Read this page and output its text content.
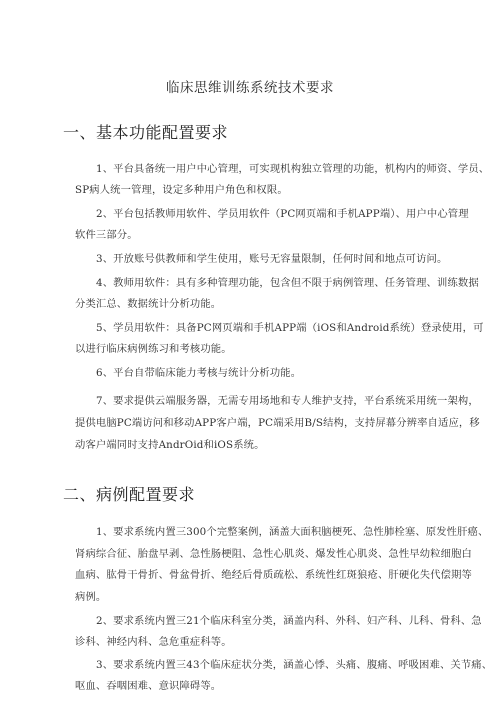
临床思维训练系统技术要求
一、基本功能配置要求
1、平台具备统一用户中心管理，可实现机构独立管理的功能，机构内的师资、学员、
SP病人统一管理，设定多种用户角色和权限。
2、平台包括教师用软件、学员用软件（PC网页端和手机APP端）、用户中心管理
软件三部分。
3、开放账号供教师和学生使用，账号无容量限制，任何时间和地点可访问。
4、教师用软件：具有多种管理功能，包含但不限于病例管理、任务管理、训练数据
分类汇总、数据统计分析功能。
5、学员用软件：具备PC网页端和手机APP端（iOS和Android系统）登录使用，可
以进行临床病例练习和考核功能。
6、平台自带临床能力考核与统计分析功能。
7、要求提供云端服务器，无需专用场地和专人维护支持，平台系统采用统一架构，
提供电脑PC端访问和移动APP客户端，PC端采用B/S结构，支持屏幕分辨率自适应，移
动客户端同时支持AndrOid和iOS系统。
二、病例配置要求
1、要求系统内置三300个完整案例，涵盖大面积脑梗死、急性肺栓塞、原发性肝癌、
肾病综合征、胎盘早剥、急性肠梗阻、急性心肌炎、爆发性心肌炎、急性早幼粒细胞白
血病、肱骨干骨折、骨盆骨折、绝经后骨质疏松、系统性红斑狼疮、肝硬化失代偿期等
病例。
2、要求系统内置三21个临床科室分类，涵盖内科、外科、妇产科、儿科、骨科、急
诊科、神经内科、急危重症科等。
3、要求系统内置三43个临床症状分类，涵盖心悸、头痛、腹痛、呼吸困难、关节痛、
呕血、吞咽困难、意识障碍等。
